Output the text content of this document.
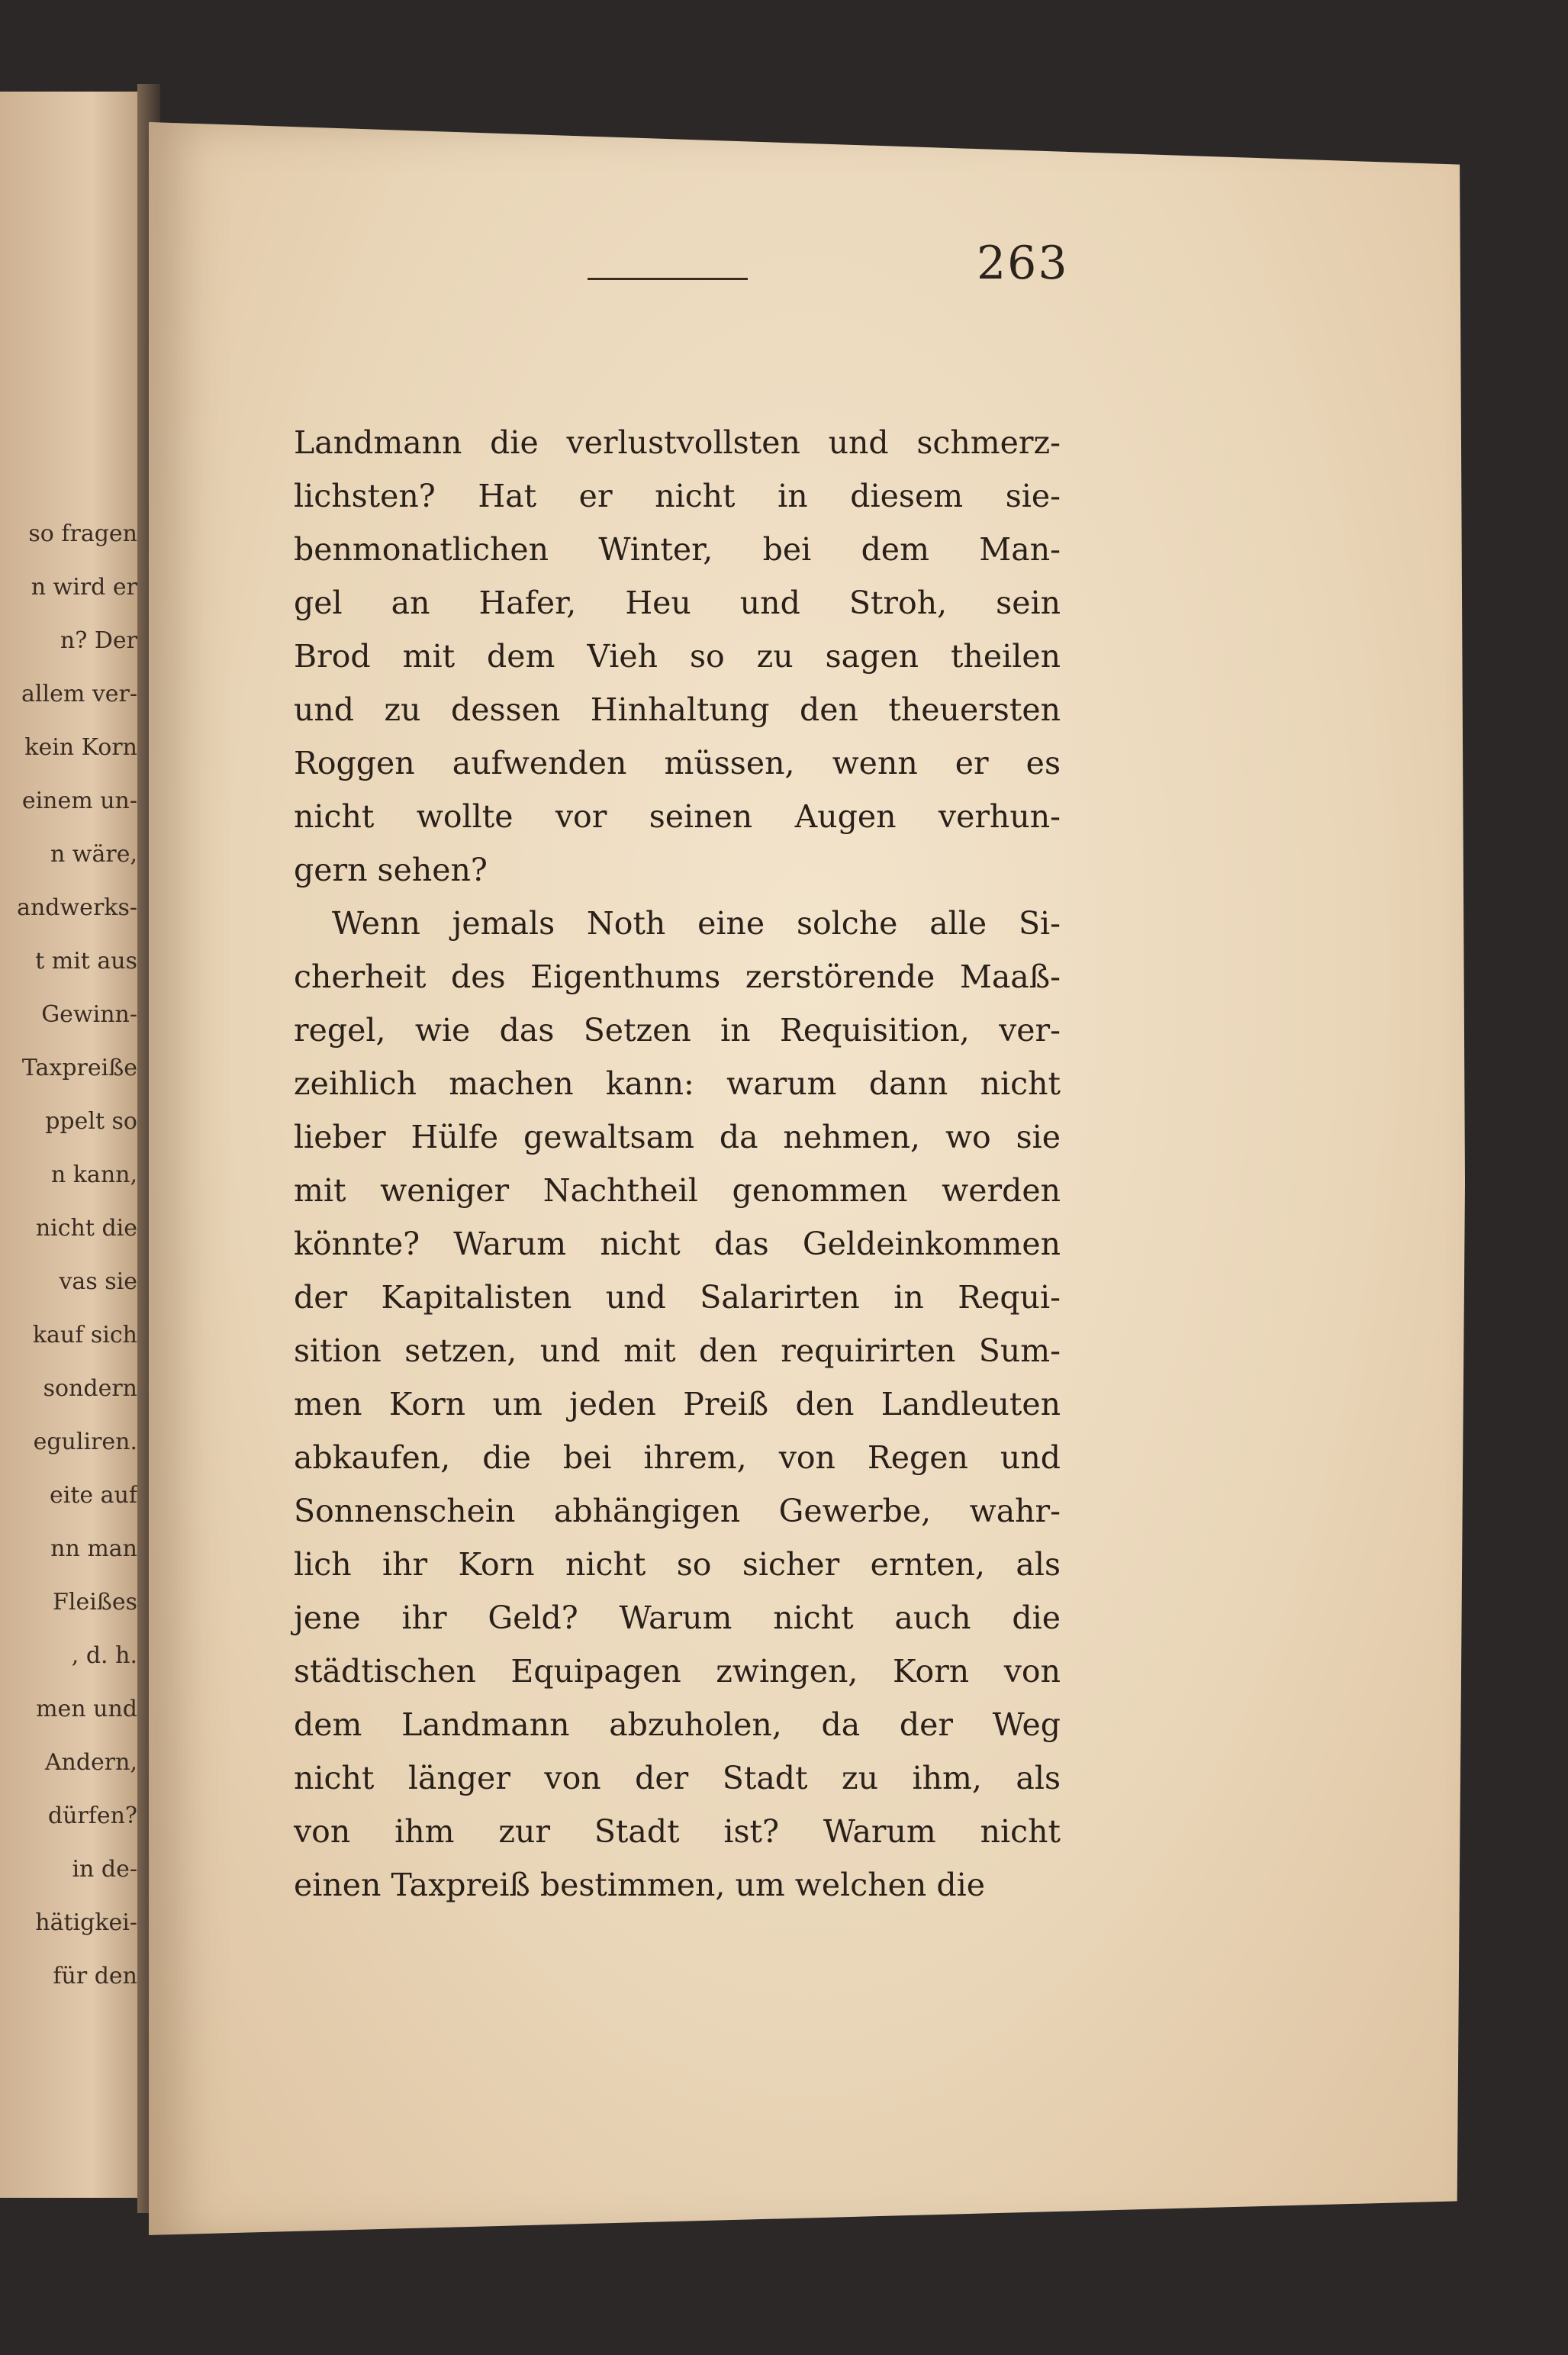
so fragen
n wird er
n? Der
allem ver-
kein Korn
einem un-
n wäre,
andwerks-
t mit aus
Gewinn-
Taxpreiße
ppelt so
n kann,
nicht die
vas sie
kauf sich
sondern
eguliren.
eite auf
nn man
Fleißes
, d. h.
men und
Andern,
dürfen?
in de-
hätigkei-
für den
263
Landmann die verlustvollsten und schmerz-
lichsten? Hat er nicht in diesem sie-
benmonatlichen Winter, bei dem Man-
gel an Hafer, Heu und Stroh, sein
Brod mit dem Vieh so zu sagen theilen
und zu dessen Hinhaltung den theuersten
Roggen aufwenden müssen, wenn er es
nicht wollte vor seinen Augen verhun-
gern sehen?
Wenn jemals Noth eine solche alle Si-
cherheit des Eigenthums zerstörende Maaß-
regel, wie das Setzen in Requisition, ver-
zeihlich machen kann: warum dann nicht
lieber Hülfe gewaltsam da nehmen, wo sie
mit weniger Nachtheil genommen werden
könnte? Warum nicht das Geldeinkommen
der Kapitalisten und Salarirten in Requi-
sition setzen, und mit den requirirten Sum-
men Korn um jeden Preiß den Landleuten
abkaufen, die bei ihrem, von Regen und
Sonnenschein abhängigen Gewerbe, wahr-
lich ihr Korn nicht so sicher ernten, als
jene ihr Geld? Warum nicht auch die
städtischen Equipagen zwingen, Korn von
dem Landmann abzuholen, da der Weg
nicht länger von der Stadt zu ihm, als
von ihm zur Stadt ist? Warum nicht
einen Taxpreiß bestimmen, um welchen die
